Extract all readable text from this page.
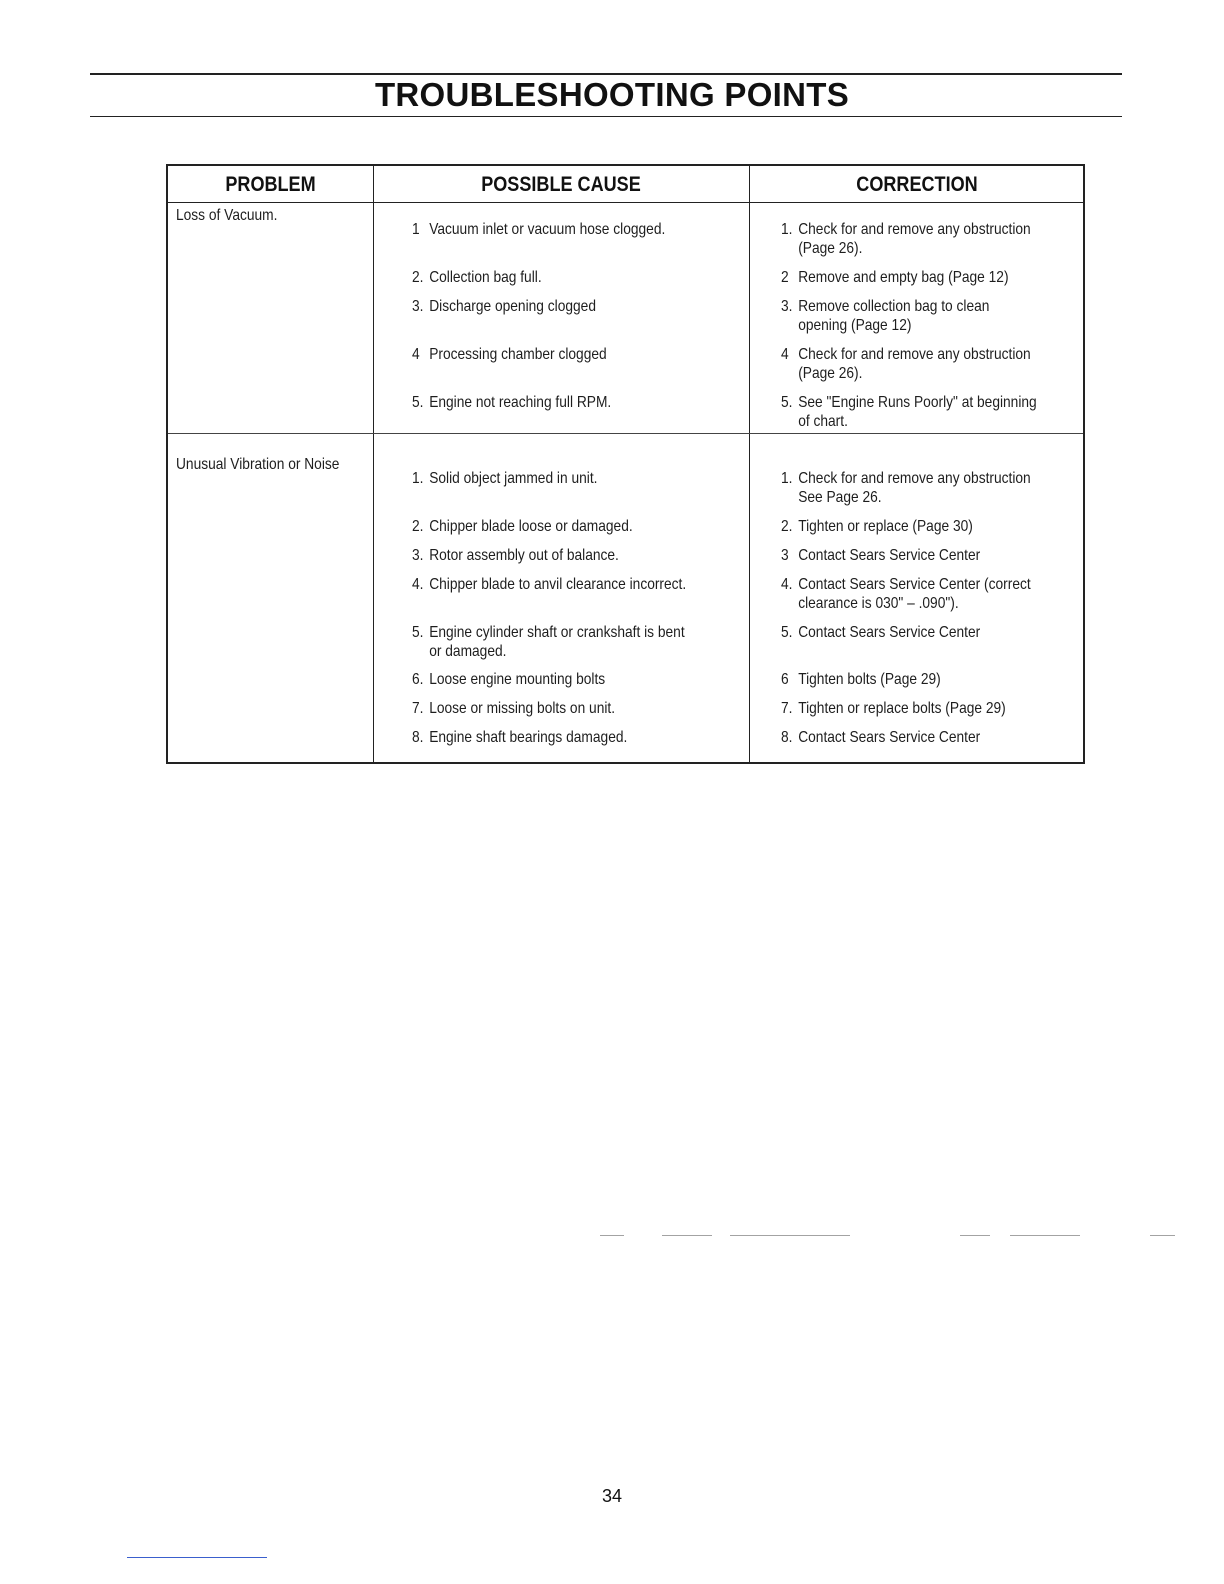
TROUBLESHOOTING POINTS
PROBLEM	POSSIBLE CAUSE	CORRECTION
Loss of Vacuum.
1 Vacuum inlet or vacuum hose clogged.
2. Collection bag full.
3. Discharge opening clogged
4 Processing chamber clogged
5. Engine not reaching full RPM.
1. Check for and remove any obstruction
(Page 26).
2 Remove and empty bag (Page 12)
3. Remove collection bag to clean
opening (Page 12)
4 Check for and remove any obstruction
(Page 26).
5. See "Engine Runs Poorly" at beginning
of chart.
Unusual Vibration or Noise
1. Solid object jammed in unit.
2. Chipper blade loose or damaged.
3. Rotor assembly out of balance.
4. Chipper blade to anvil clearance incorrect.
5. Engine cylinder shaft or crankshaft is bent
or damaged.
6. Loose engine mounting bolts
7. Loose or missing bolts on unit.
8. Engine shaft bearings damaged.
1. Check for and remove any obstruction
See Page 26.
2. Tighten or replace (Page 30)
3 Contact Sears Service Center
4. Contact Sears Service Center (correct
clearance is 030" – .090").
5. Contact Sears Service Center
6 Tighten bolts (Page 29)
7. Tighten or replace bolts (Page 29)
8. Contact Sears Service Center
34
